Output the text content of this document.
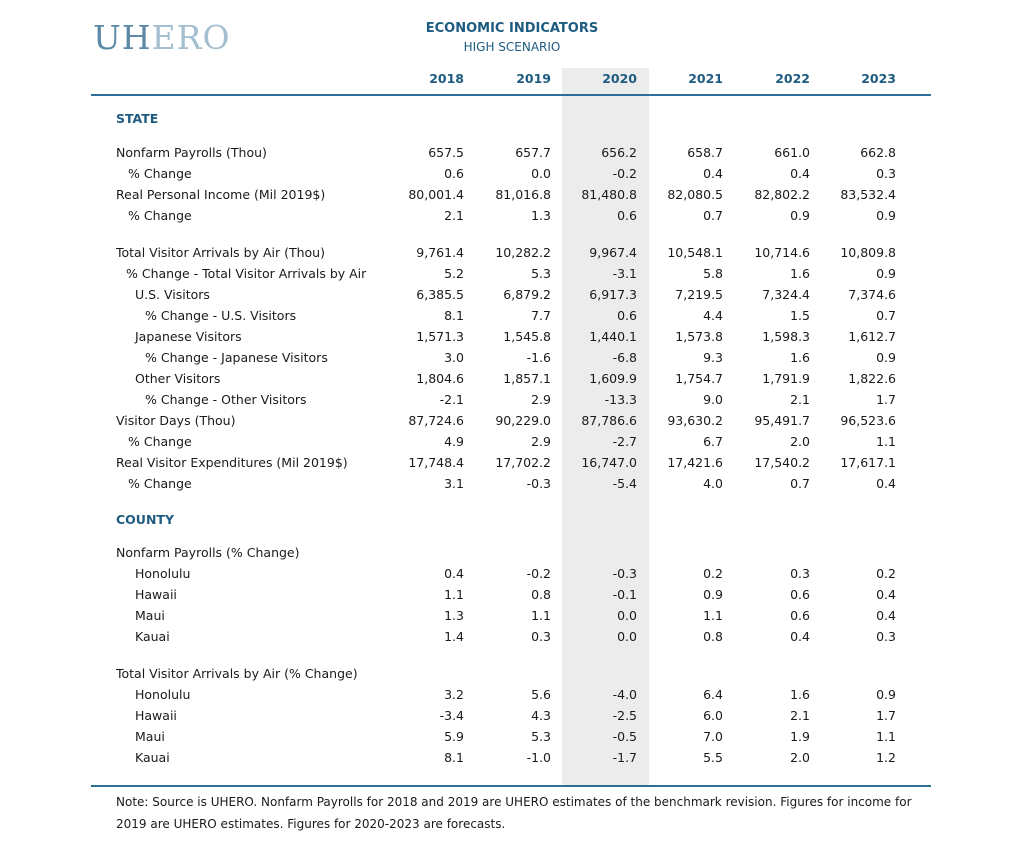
UHERO	ECONOMIC INDICATORS
HIGH SCENARIO
2018	2019	2020	2021	2022	2023
STATE
Nonfarm Payrolls (Thou)	657.5	657.7	656.2	658.7	661.0	662.8
% Change	0.6	0.0	-0.2	0.4	0.4	0.3
Real Personal Income (Mil 2019$)	80,001.4	81,016.8	81,480.8	82,080.5	82,802.2	83,532.4
% Change	2.1	1.3	0.6	0.7	0.9	0.9
Total Visitor Arrivals by Air (Thou)	9,761.4	10,282.2	9,967.4	10,548.1	10,714.6	10,809.8
% Change - Total Visitor Arrivals by Air	5.2	5.3	-3.1	5.8	1.6	0.9
U.S. Visitors	6,385.5	6,879.2	6,917.3	7,219.5	7,324.4	7,374.6
% Change - U.S. Visitors	8.1	7.7	0.6	4.4	1.5	0.7
Japanese Visitors	1,571.3	1,545.8	1,440.1	1,573.8	1,598.3	1,612.7
% Change - Japanese Visitors	3.0	-1.6	-6.8	9.3	1.6	0.9
Other Visitors	1,804.6	1,857.1	1,609.9	1,754.7	1,791.9	1,822.6
% Change - Other Visitors	-2.1	2.9	-13.3	9.0	2.1	1.7
Visitor Days (Thou)	87,724.6	90,229.0	87,786.6	93,630.2	95,491.7	96,523.6
% Change	4.9	2.9	-2.7	6.7	2.0	1.1
Real Visitor Expenditures (Mil 2019$)	17,748.4	17,702.2	16,747.0	17,421.6	17,540.2	17,617.1
% Change	3.1	-0.3	-5.4	4.0	0.7	0.4
COUNTY
Nonfarm Payrolls (% Change)
Honolulu	0.4	-0.2	-0.3	0.2	0.3	0.2
Hawaii	1.1	0.8	-0.1	0.9	0.6	0.4
Maui	1.3	1.1	0.0	1.1	0.6	0.4
Kauai	1.4	0.3	0.0	0.8	0.4	0.3
Total Visitor Arrivals by Air (% Change)
Honolulu	3.2	5.6	-4.0	6.4	1.6	0.9
Hawaii	-3.4	4.3	-2.5	6.0	2.1	1.7
Maui	5.9	5.3	-0.5	7.0	1.9	1.1
Kauai	8.1	-1.0	-1.7	5.5	2.0	1.2
Note: Source is UHERO. Nonfarm Payrolls for 2018 and 2019 are UHERO estimates of the benchmark revision. Figures for income for 2019 are UHERO estimates. Figures for 2020-2023 are forecasts.
